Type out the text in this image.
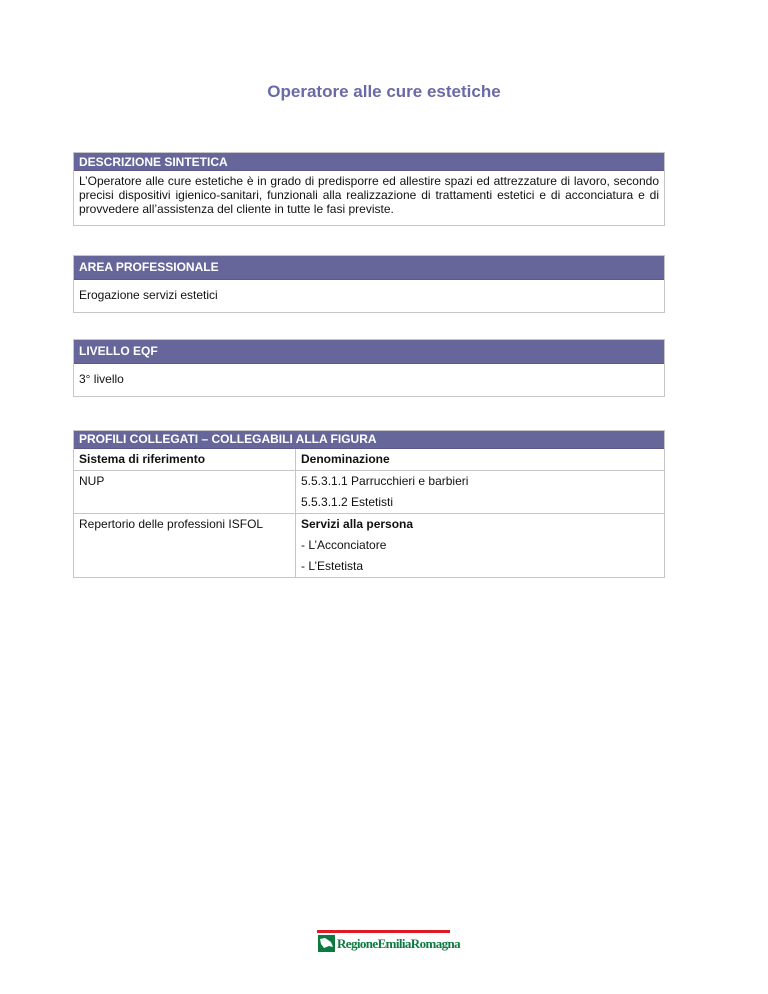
Operatore alle cure estetiche
DESCRIZIONE SINTETICA
L’Operatore alle cure estetiche è in grado di predisporre ed allestire spazi ed attrezzature di lavoro, secondo precisi dispositivi igienico-sanitari, funzionali alla realizzazione di trattamenti estetici e di acconciatura e di provvedere all’assistenza del cliente in tutte le fasi previste.
AREA PROFESSIONALE
Erogazione servizi estetici
LIVELLO EQF
3° livello
PROFILI COLLEGATI – COLLEGABILI ALLA FIGURA
Sistema di riferimento	Denominazione

NUP	5.5.3.1.1 Parrucchieri e barbieri
5.5.3.1.2 Estetisti

Repertorio delle professioni ISFOL	Servizi alla persona
- L’Acconciatore
- L’Estetista
RegioneEmiliaRomagna
